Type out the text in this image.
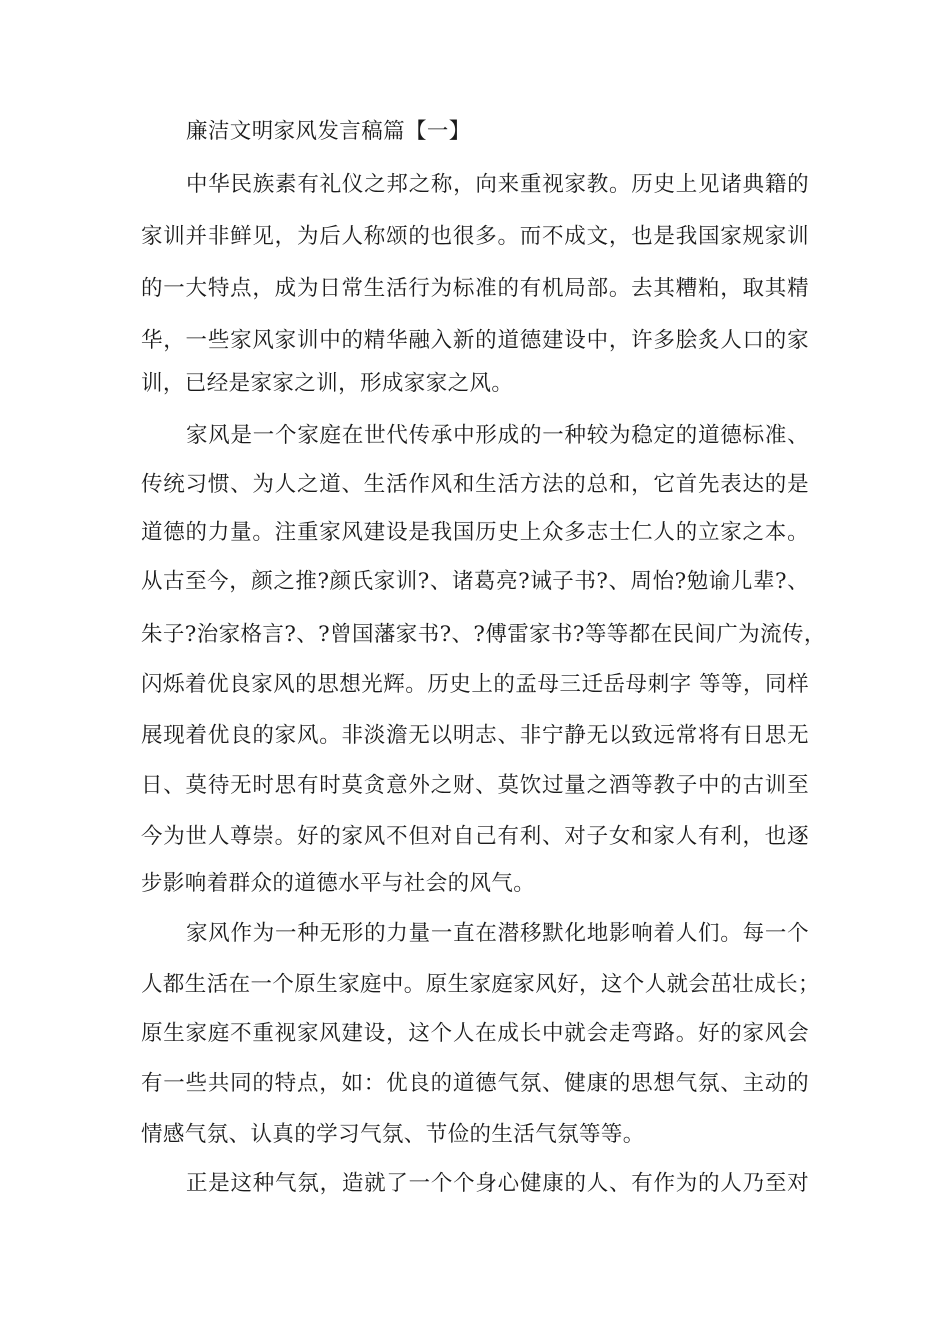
廉洁文明家风发言稿篇【一】
中华民族素有礼仪之邦之称，向来重视家教。历史上见诸典籍的
家训并非鲜见，为后人称颂的也很多。而不成文，也是我国家规家训
的一大特点，成为日常生活行为标准的有机局部。去其糟粕，取其精
华，一些家风家训中的精华融入新的道德建设中，许多脍炙人口的家
训，已经是家家之训，形成家家之风。
家风是一个家庭在世代传承中形成的一种较为稳定的道德标准、
传统习惯、为人之道、生活作风和生活方法的总和，它首先表达的是
道德的力量。注重家风建设是我国历史上众多志士仁人的立家之本。
从古至今，颜之推?颜氏家训?、诸葛亮?诫子书?、周怡?勉谕儿辈?、
朱子?治家格言?、?曾国藩家书?、?傅雷家书?等等都在民间广为流传，
闪烁着优良家风的思想光辉。历史上的孟母三迁岳母刺字 等等，同样
展现着优良的家风。非淡澹无以明志、非宁静无以致远常将有日思无
日、莫待无时思有时莫贪意外之财、莫饮过量之酒等教子中的古训至
今为世人尊崇。好的家风不但对自己有利、对子女和家人有利，也逐
步影响着群众的道德水平与社会的风气。
家风作为一种无形的力量一直在潜移默化地影响着人们。每一个
人都生活在一个原生家庭中。原生家庭家风好，这个人就会茁壮成长；
原生家庭不重视家风建设，这个人在成长中就会走弯路。好的家风会
有一些共同的特点，如：优良的道德气氛、健康的思想气氛、主动的
情感气氛、认真的学习气氛、节俭的生活气氛等等。
正是这种气氛，造就了一个个身心健康的人、有作为的人乃至对
